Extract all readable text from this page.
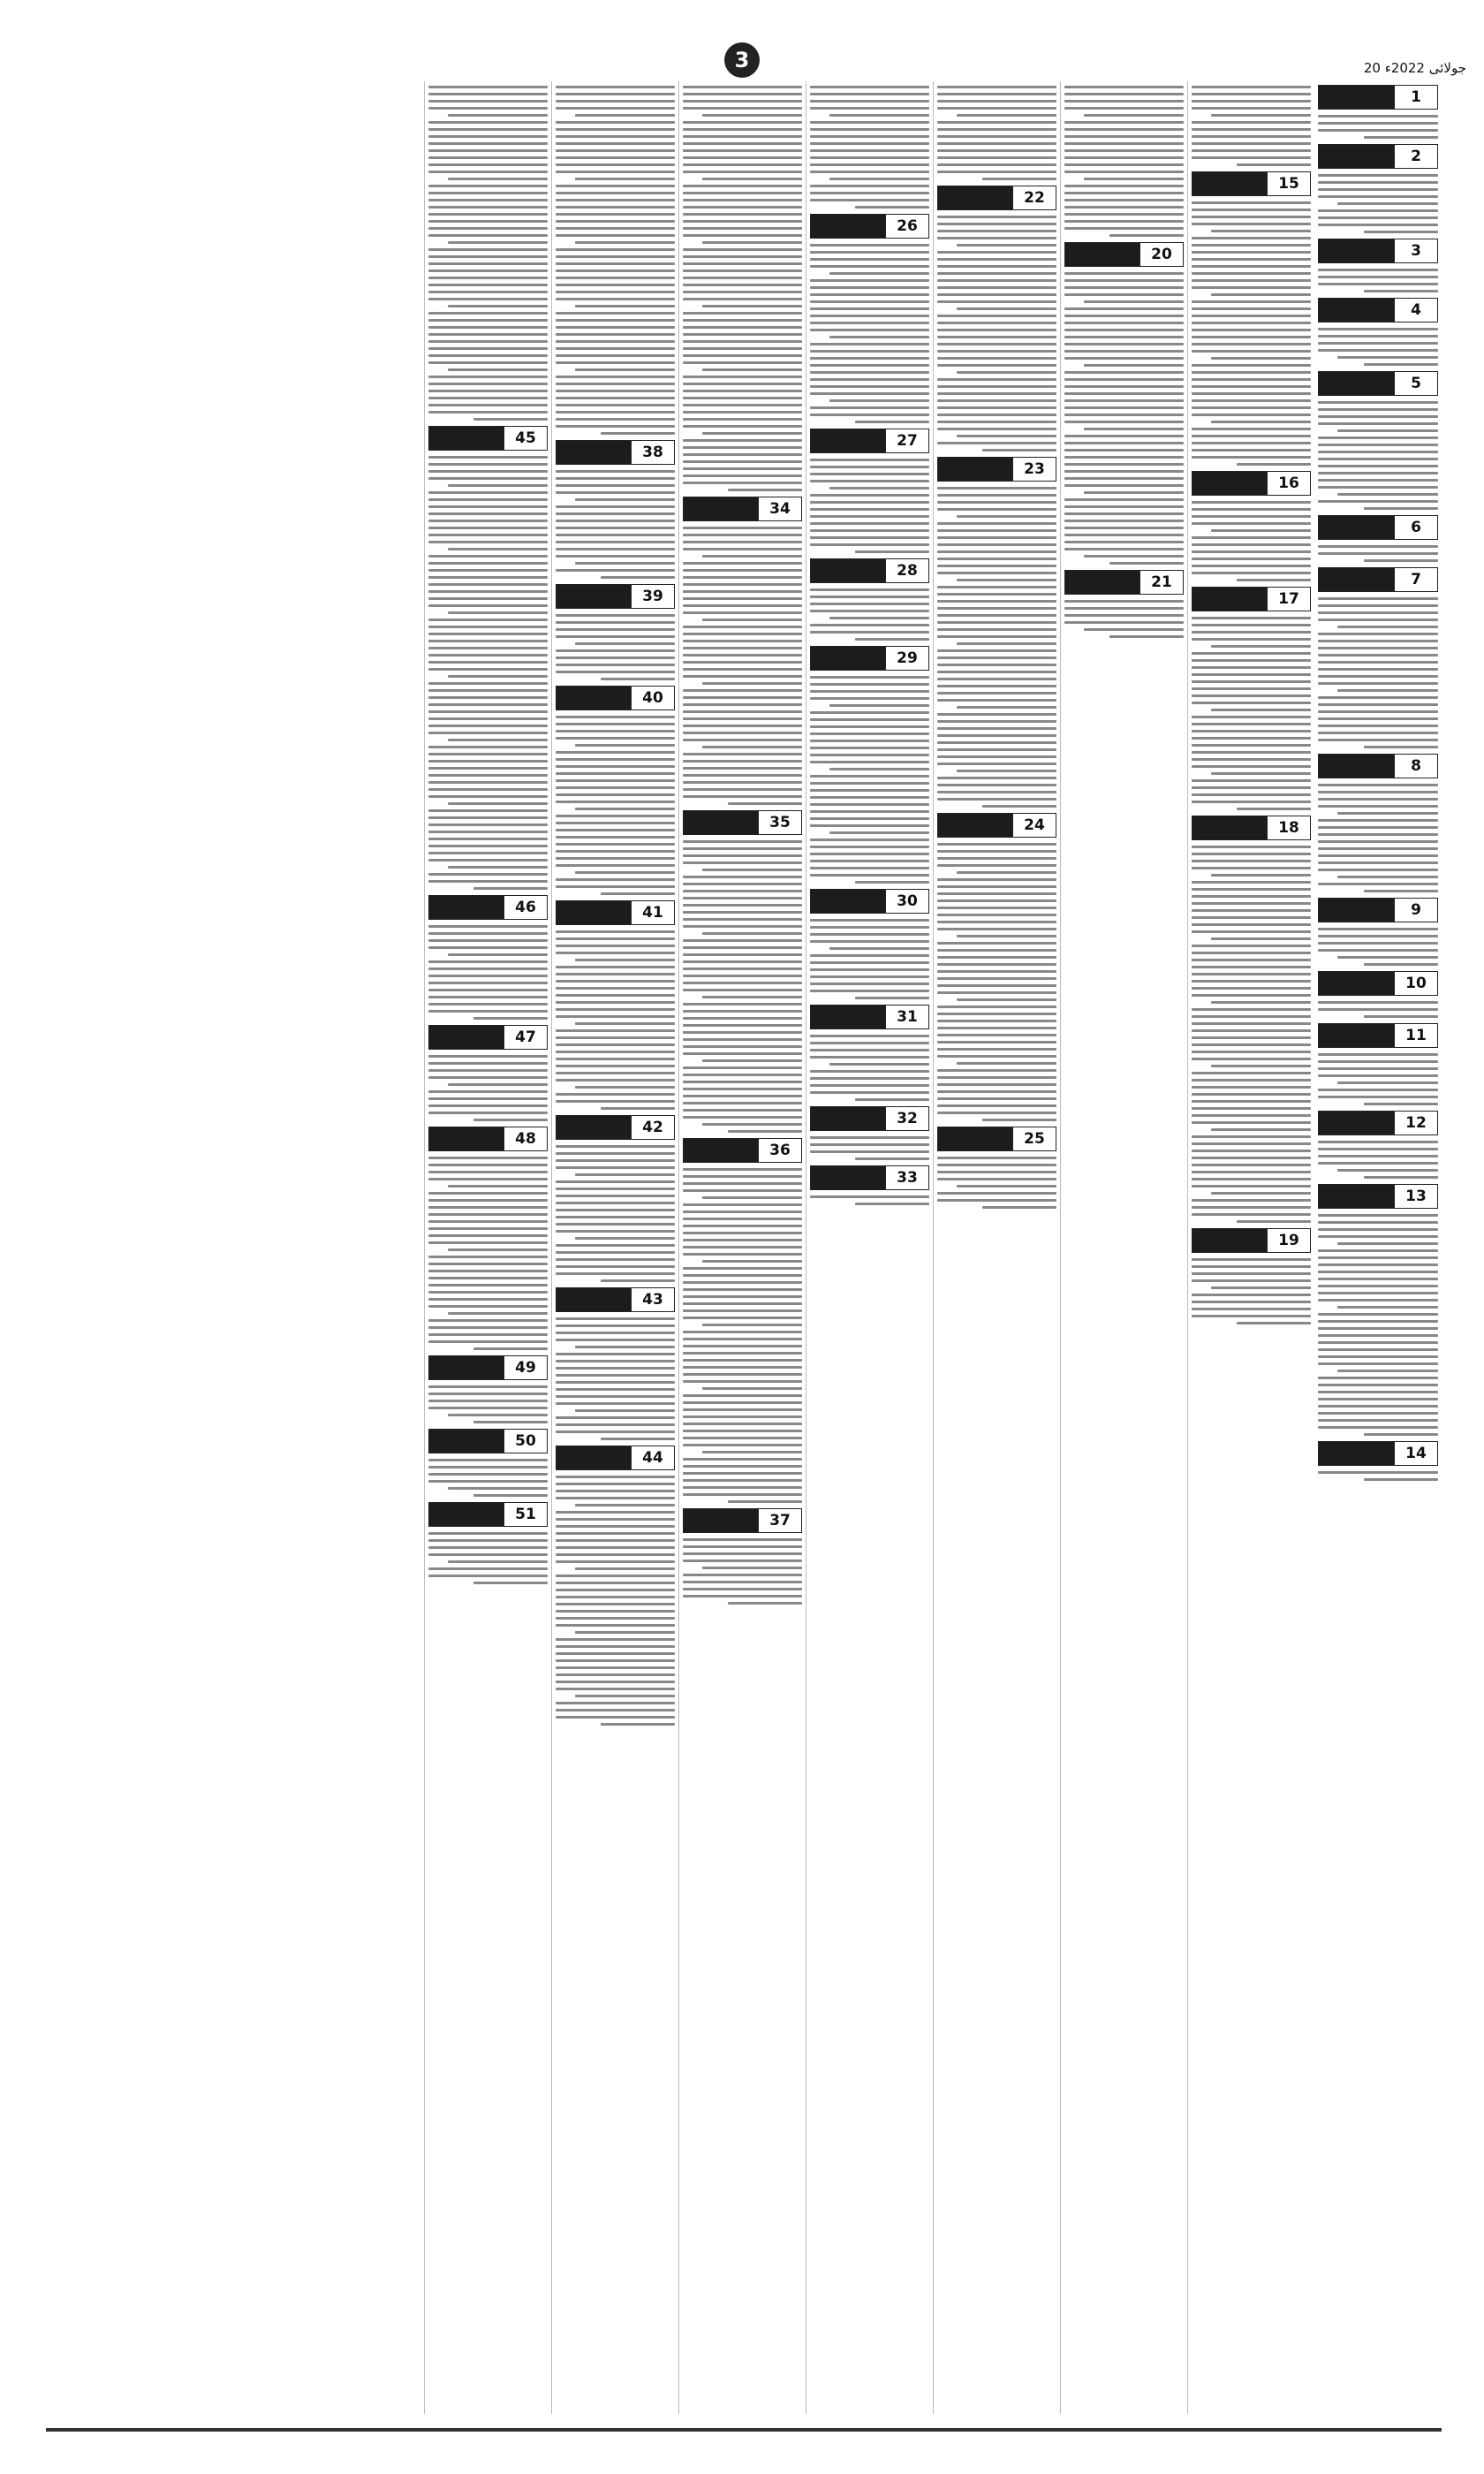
3	20 جولائی 2022ء
1
2
3
4
5
6
7
8
9
10
11
12
13
14
15
16
17
18
19
20
21
22
23
24
25
26
27
28
29
30
31
32
33
34
35
36
37
38
39
40
41
42
43
44
45
46
47
48
49
50
51
